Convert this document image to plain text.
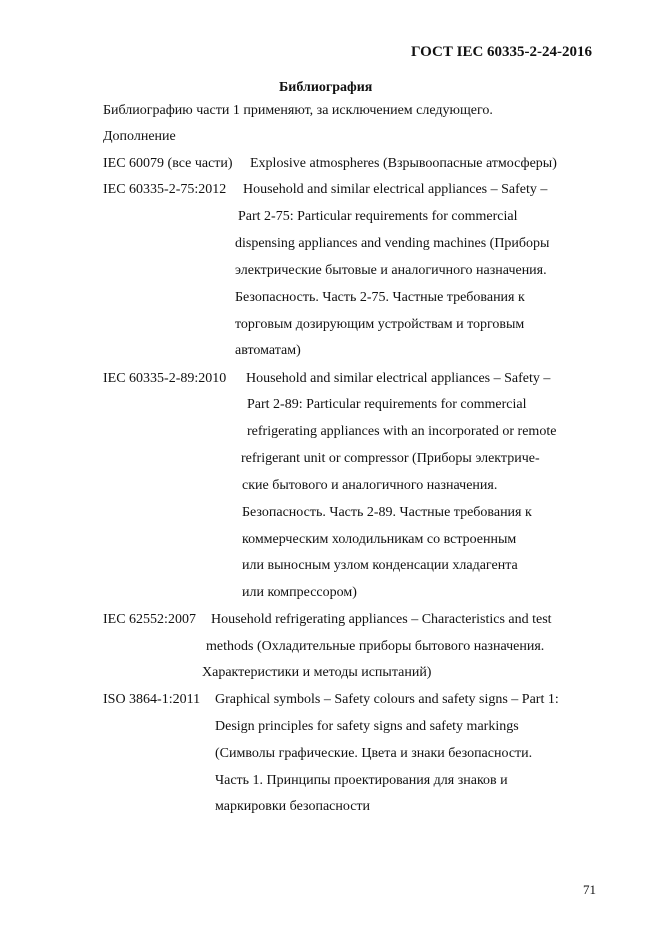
ГОСТ IEC 60335-2-24-2016
Библиография
Библиографию части 1 применяют, за исключением следующего.
Дополнение
IEC 60079 (все части) Explosive atmospheres (Взрывоопасные атмосферы)
IEC 60335-2-75:2012 Household and similar electrical appliances – Safety –
Part 2-75: Particular requirements for commercial
dispensing appliances and vending machines (Приборы
электрические бытовые и аналогичного назначения.
Безопасность. Часть 2-75. Частные требования к
торговым дозирующим устройствам и торговым
автоматам)
IEC 60335-2-89:2010 Household and similar electrical appliances – Safety –
Part 2-89: Particular requirements for commercial
refrigerating appliances with an incorporated or remote
refrigerant unit or compressor (Приборы электриче-
ские бытового и аналогичного назначения.
Безопасность. Часть 2-89. Частные требования к
коммерческим холодильникам со встроенным
или выносным узлом конденсации хладагента
или компрессором)
IEC 62552:2007 Household refrigerating appliances – Characteristics and test
methods (Охладительные приборы бытового назначения.
Характеристики и методы испытаний)
ISO 3864-1:2011 Graphical symbols – Safety colours and safety signs – Part 1:
Design principles for safety signs and safety markings
(Символы графические. Цвета и знаки безопасности.
Часть 1. Принципы проектирования для знаков и
маркировки безопасности
71
